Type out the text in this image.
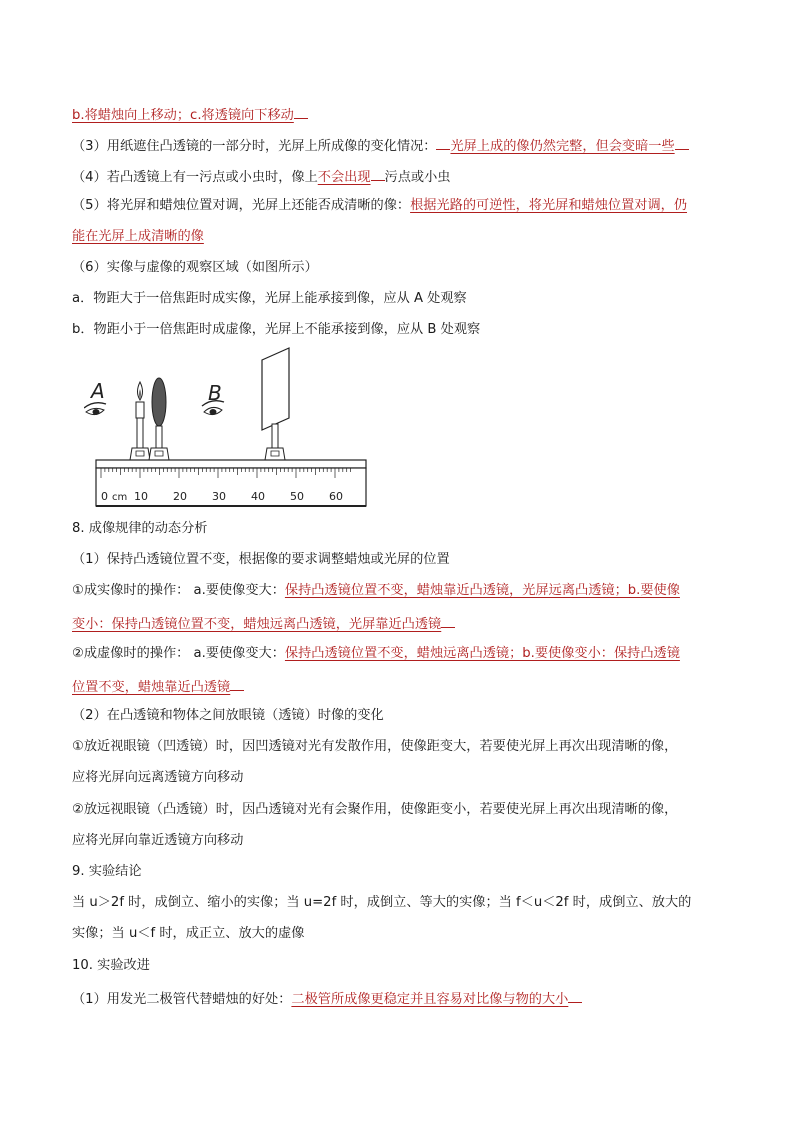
b.将蜡烛向上移动；c.将透镜向下移动
（3）用纸遮住凸透镜的一部分时，光屏上所成像的变化情况： 光屏上成的像仍然完整，但会变暗一些
（4）若凸透镜上有一污点或小虫时，像上不会出现 污点或小虫
（5）将光屏和蜡烛位置对调，光屏上还能否成清晰的像：根据光路的可逆性，将光屏和蜡烛位置对调，仍
能在光屏上成清晰的像
（6）实像与虚像的观察区域（如图所示）
a．物距大于一倍焦距时成实像，光屏上能承接到像，应从 A 处观察
b．物距小于一倍焦距时成虚像，光屏上不能承接到像，应从 B 处观察
A	B
cm
0 10 20 30 40 50 60
8. 成像规律的动态分析
（1）保持凸透镜位置不变，根据像的要求调整蜡烛或光屏的位置
①成实像时的操作： a.要使像变大：保持凸透镜位置不变，蜡烛靠近凸透镜，光屏远离凸透镜；b.要使像
变小：保持凸透镜位置不变，蜡烛远离凸透镜，光屏靠近凸透镜
②成虚像时的操作： a.要使像变大：保持凸透镜位置不变，蜡烛远离凸透镜；b.要使像变小：保持凸透镜
位置不变，蜡烛靠近凸透镜
（2）在凸透镜和物体之间放眼镜（透镜）时像的变化
①放近视眼镜（凹透镜）时，因凹透镜对光有发散作用，使像距变大，若要使光屏上再次出现清晰的像，
应将光屏向远离透镜方向移动
②放远视眼镜（凸透镜）时，因凸透镜对光有会聚作用，使像距变小，若要使光屏上再次出现清晰的像，
应将光屏向靠近透镜方向移动
9. 实验结论
当 u＞2f 时，成倒立、缩小的实像；当 u=2f 时，成倒立、等大的实像；当 f＜u＜2f 时，成倒立、放大的
实像；当 u＜f 时，成正立、放大的虚像
10. 实验改进
（1）用发光二极管代替蜡烛的好处：二极管所成像更稳定并且容易对比像与物的大小
